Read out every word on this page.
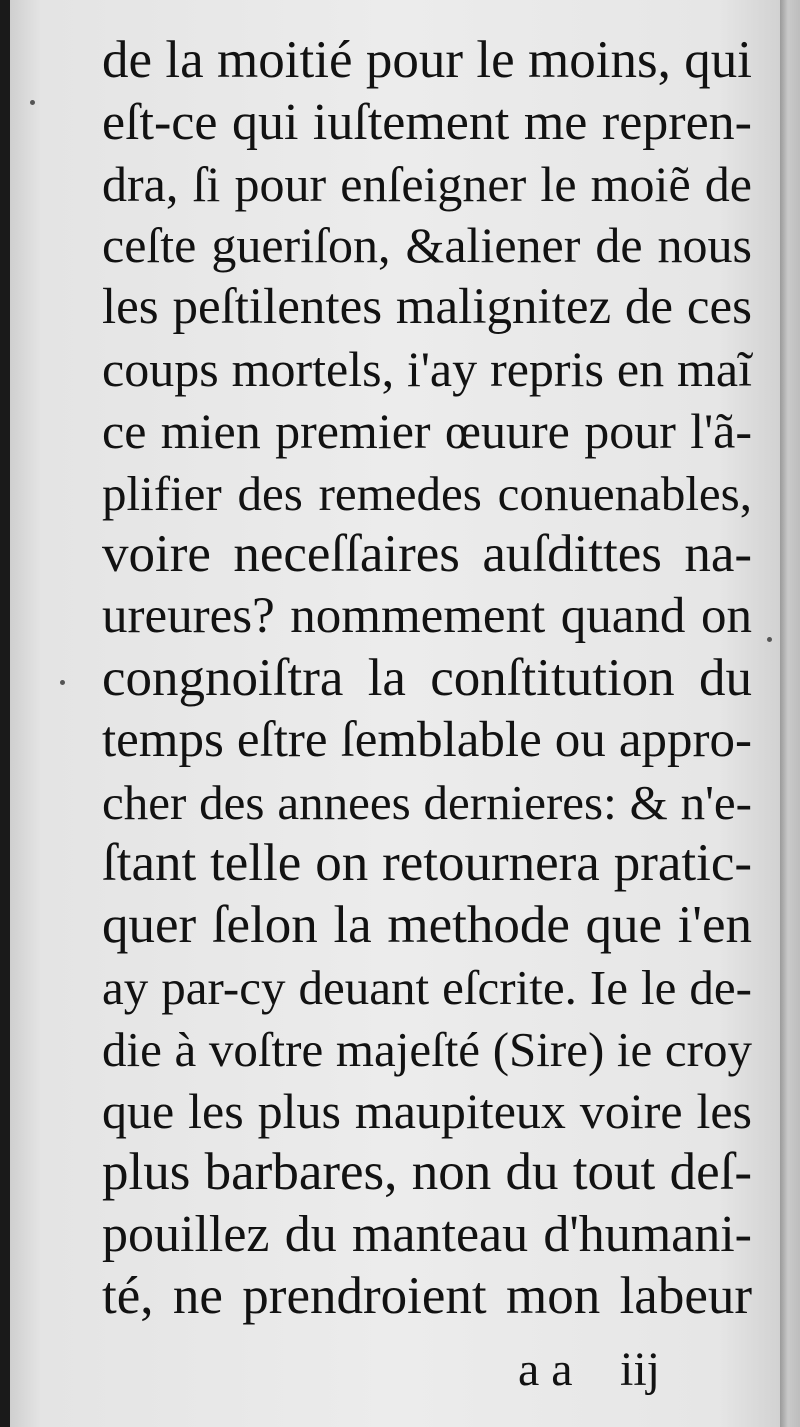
de la moitié pour le moins, qui
eſt-ce qui iuſtement me repren-
dra, ſi pour enſeigner le moiẽ de
ceſte gueriſon, &aliener de nous
les peſtilentes malignitez de ces
coups mortels, i'ay repris en maĩ
ce mien premier œuure pour l'ã-
plifier des remedes conuenables,
voire neceſſaires auſdittes na-
ureures? nommement quand on
congnoiſtra la conſtitution du
temps eſtre ſemblable ou appro-
cher des annees dernieres: & n'e-
ſtant telle on retournera pratic-
quer ſelon la methode que i'en
ay par-cy deuant eſcrite. Ie le de-
die à voſtre majeſté (Sire) ie croy
que les plus maupiteux voire les
plus barbares, non du tout deſ-
pouillez du manteau d'humani-
té, ne prendroient mon labeur
a a iij
